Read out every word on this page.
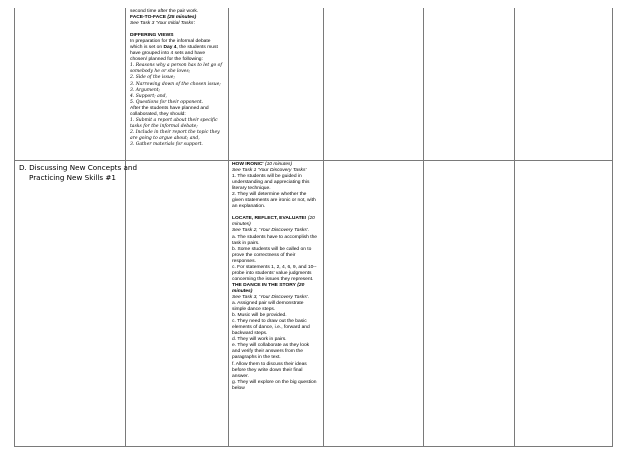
second time after the pair work.
FACE-TO-FACE (25 minutes)
See Task 3 'Your Initial Tasks'.
DIFFERING VIEWS
In preparation for the informal debate
which is set on Day 4, the students must
have grouped into 4 sets and have
chosen/ planned for the following:
1. Reasons why a person has to let go of
somebody he or she loves;
2. Side of the issue;
3. Narrowing down of the chosen issue;
3. Argument;
4. Support; and,
5. Questions for their opponent.
After the students have planned and
collaborated, they should:
1. Submit a report about their specific
tasks for the informal debate;
2. Include in their report the topic they
are going to argue about; and,
3. Gather materials for support.
D. Discussing New Concepts and
Practicing New Skills #1
HOW IRONIC' (10 minutes)
See Task 1 'Your Discovery Tasks'
1. The students will be guided in
understanding and appreciating this
literary technique.
2. They will determine whether the
given statements are ironic or not, with
an explanation.
LOCATE, REFLECT, EVALUATE! (20
minutes)
See Task 2, 'Your Discovery Tasks'.
a. The students have to accomplish the
task in pairs.
b. Some students will be called on to
prove the correctness of their
responses.
c. For statements 1, 2, 4, 6, 9, and 10--
probe into students' value judgments
concerning the issues they represent.
THE DANCE IN THE STORY (20
minutes)
See Task 3, 'Your Discovery Tasks'.
a. Assigned pair will demonstrate
simple dance steps.
b. Music will be provided.
c. They need to draw out the basic
elements of dance, i.e., forward and
backward steps.
d. They will work in pairs.
e. They will collaborate as they look
and verify their answers from the
paragraphs in the text.
f. Allow them to discuss their ideas
before they write down their final
answer.
g. They will explore on the big question
below
